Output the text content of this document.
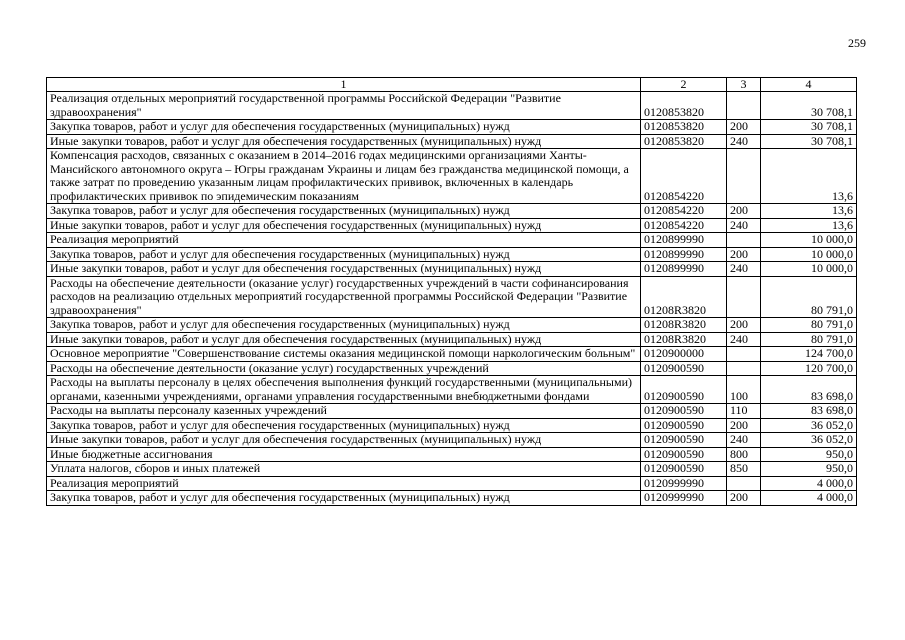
259
1	2	3	4
Реализация отдельных мероприятий государственной программы Российской Федерации "Развитие здравоохранения"	0120853820		30 708,1
Закупка товаров, работ и услуг для обеспечения государственных (муниципальных) нужд	0120853820	200	30 708,1
Иные закупки товаров, работ и услуг для обеспечения государственных (муниципальных) нужд	0120853820	240	30 708,1
Компенсация расходов, связанных с оказанием в 2014–2016 годах медицинскими организациями Ханты-Мансийского автономного округа – Югры гражданам Украины и лицам без гражданства медицинской помощи, а также затрат по проведению указанным лицам профилактических прививок, включенных в календарь профилактических прививок по эпидемическим показаниям	0120854220		13,6
Закупка товаров, работ и услуг для обеспечения государственных (муниципальных) нужд	0120854220	200	13,6
Иные закупки товаров, работ и услуг для обеспечения государственных (муниципальных) нужд	0120854220	240	13,6
Реализация мероприятий	0120899990		10 000,0
Закупка товаров, работ и услуг для обеспечения государственных (муниципальных) нужд	0120899990	200	10 000,0
Иные закупки товаров, работ и услуг для обеспечения государственных (муниципальных) нужд	0120899990	240	10 000,0
Расходы на обеспечение деятельности (оказание услуг) государственных учреждений в части софинансирования расходов на реализацию отдельных мероприятий государственной программы Российской Федерации "Развитие здравоохранения"	01208R3820		80 791,0
Закупка товаров, работ и услуг для обеспечения государственных (муниципальных) нужд	01208R3820	200	80 791,0
Иные закупки товаров, работ и услуг для обеспечения государственных (муниципальных) нужд	01208R3820	240	80 791,0
Основное мероприятие "Совершенствование системы оказания медицинской помощи наркологическим больным"	0120900000		124 700,0
Расходы на обеспечение деятельности (оказание услуг) государственных учреждений	0120900590		120 700,0
Расходы на выплаты персоналу в целях обеспечения выполнения функций государственными (муниципальными) органами, казенными учреждениями, органами управления государственными внебюджетными фондами	0120900590	100	83 698,0
Расходы на выплаты персоналу казенных учреждений	0120900590	110	83 698,0
Закупка товаров, работ и услуг для обеспечения государственных (муниципальных) нужд	0120900590	200	36 052,0
Иные закупки товаров, работ и услуг для обеспечения государственных (муниципальных) нужд	0120900590	240	36 052,0
Иные бюджетные ассигнования	0120900590	800	950,0
Уплата налогов, сборов и иных платежей	0120900590	850	950,0
Реализация мероприятий	0120999990		4 000,0
Закупка товаров, работ и услуг для обеспечения государственных (муниципальных) нужд	0120999990	200	4 000,0
